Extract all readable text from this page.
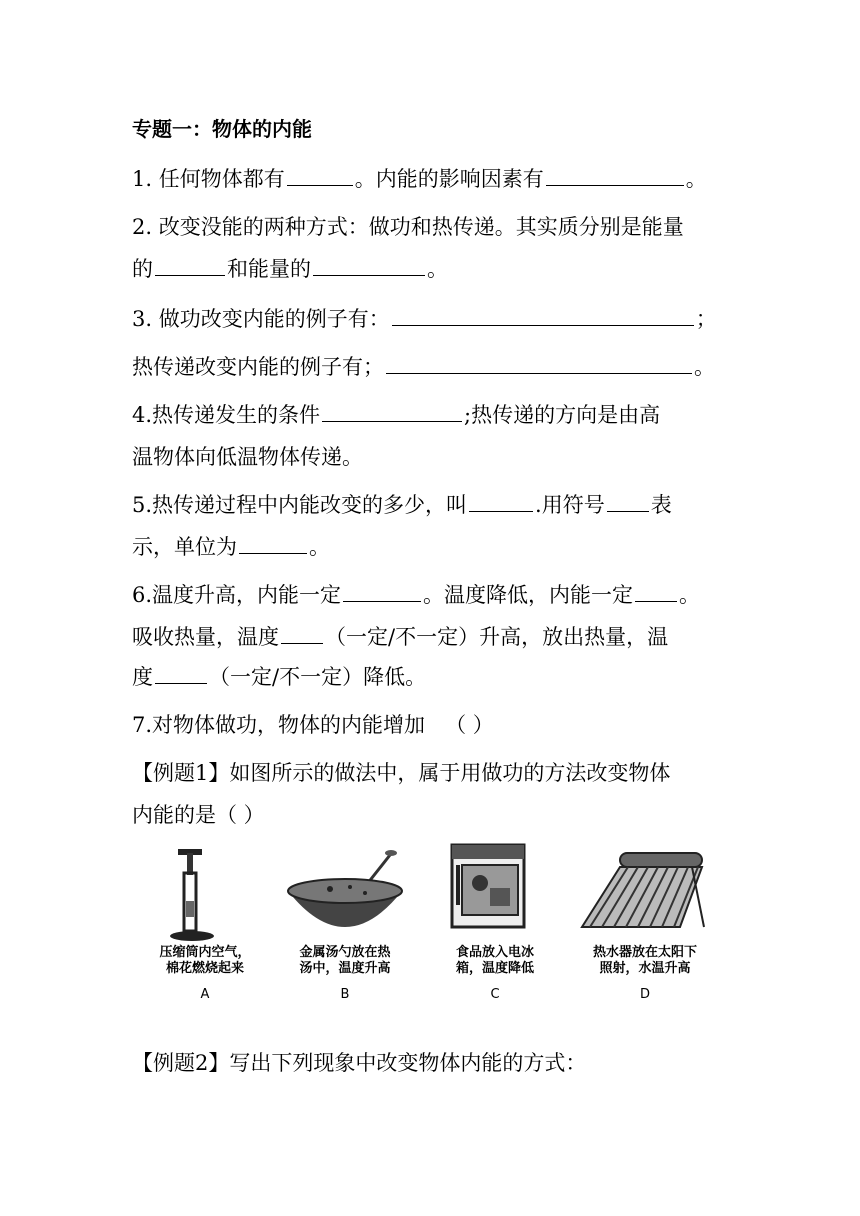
专题一：物体的内能
1. 任何物体都有	。内能的影响因素有	。
2. 改变没能的两种方式：做功和热传递。其实质分别是能量
的	和能量的	。
3. 做功改变内能的例子有：	；
热传递改变内能的例子有；	。
4.热传递发生的条件	;热传递的方向是由高
温物体向低温物体传递。
5.热传递过程中内能改变的多少，叫	.用符号 表
示，单位为	。
6.温度升高，内能一定	。温度降低，内能一定 。
吸收热量，温度 （一定/不一定）升高，放出热量，温
度	（一定/不一定）降低。
7.对物体做功，物体的内能增加 （ ）
【例题1】如图所示的做法中，属于用做功的方法改变物体
内能的是（ ）
压缩筒内空气，
棉花燃烧起来
A
金属汤勺放在热
汤中，温度升高
B
食品放入电冰
箱，温度降低
C
热水器放在太阳下
照射，水温升高
D
【例题2】写出下列现象中改变物体内能的方式：
